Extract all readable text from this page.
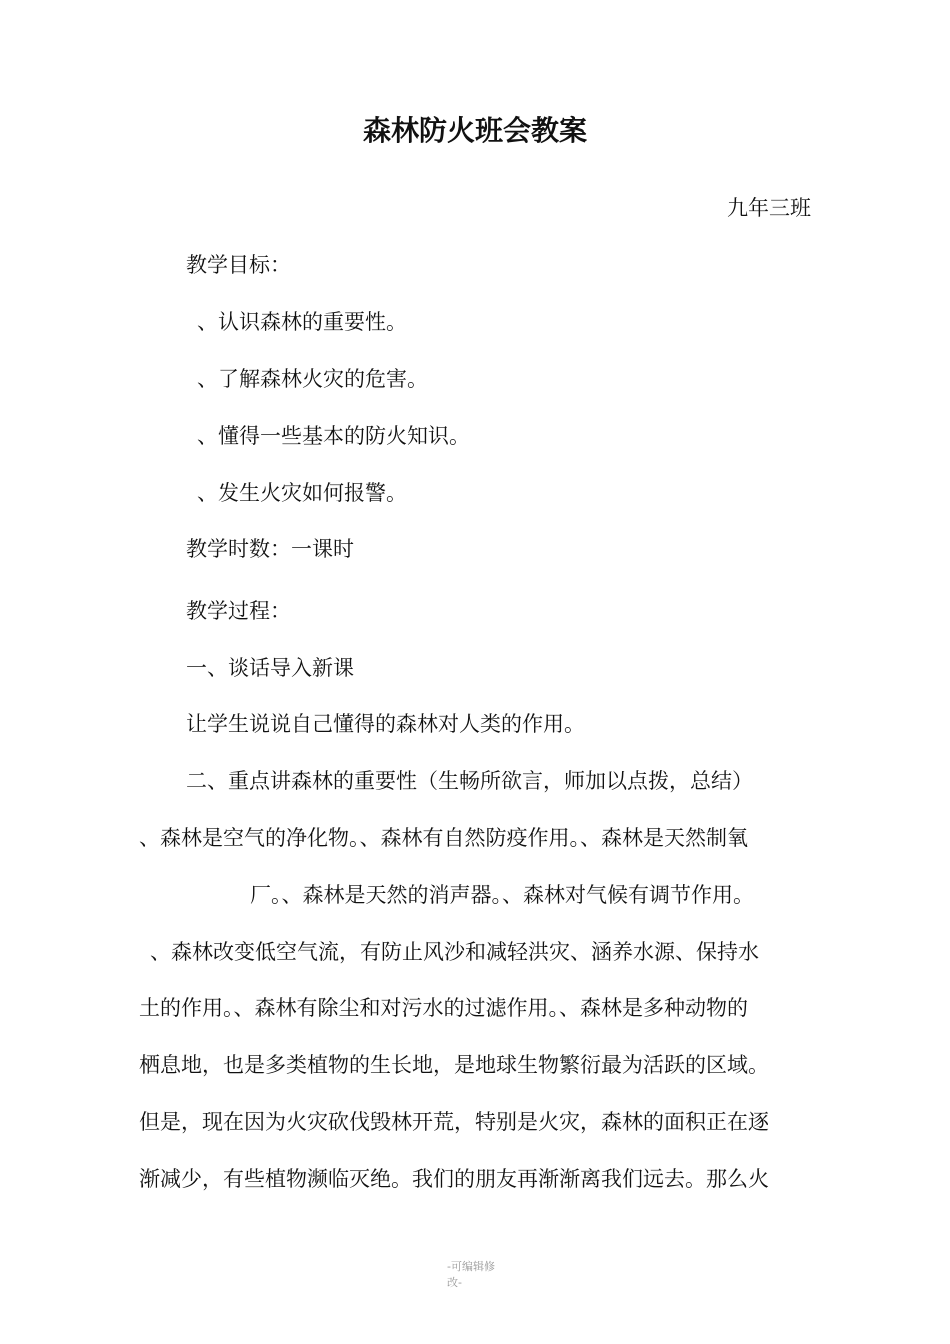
森林防火班会教案

九年三班

教学目标：

、认识森林的重要性。

、了解森林火灾的危害。

、懂得一些基本的防火知识。

、发生火灾如何报警。

教学时数：一课时

教学过程：

一、谈话导入新课

让学生说说自己懂得的森林对人类的作用。

二、重点讲森林的重要性（生畅所欲言，师加以点拨，总结）

、森林是空气的净化物。、森林有自然防疫作用。、森林是天然制氧

厂。、森林是天然的消声器。、森林对气候有调节作用。

、森林改变低空气流，有防止风沙和减轻洪灾、涵养水源、保持水

土的作用。、森林有除尘和对污水的过滤作用。、森林是多种动物的

栖息地，也是多类植物的生长地，是地球生物繁衍最为活跃的区域。

但是，现在因为火灾砍伐毁林开荒，特别是火灾，森林的面积正在逐

渐减少，有些植物濒临灭绝。我们的朋友再渐渐离我们远去。那么火

-可编辑修改-
